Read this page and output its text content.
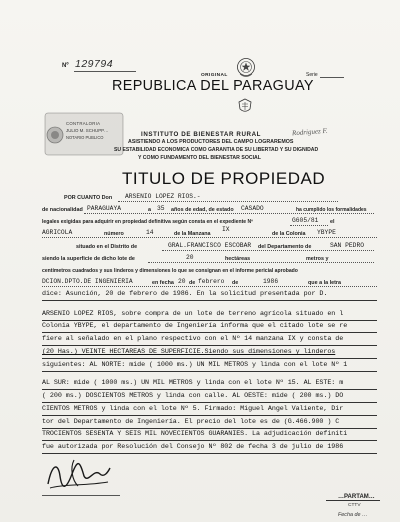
Nº 129794
ORIGINAL	Serie
REPUBLICA DEL PARAGUAY
CONTRALORIA
JULIO M. SCHUPP…
NOTARIO PUBLICO	INSTITUTO DE BIENESTAR RURAL
ASISTIENDO A LOS PRODUCTORES DEL CAMPO LOGRAREMOS
SU ESTABILIDAD ECONOMICA COMO GARANTIA DE SU LIBERTAD Y SU DIGNIDAD
Y COMO FUNDAMENTO DEL BIENESTAR SOCIAL
Rodriguez F.
TITULO DE PROPIEDAD
POR CUANTO Don ARSENIO LOPEZ RIOS.-
de nacionalidad PARAGUAYA	a 35 años de edad, de estado CASADO	ha cumplido los formalidades
legales exigidas para adquirir en propiedad definitiva según consta en el expediente Nº	G605/81 el
AGRICOLA	número	14	de la Manzana
IX
de la Colonia YBYPE
situado en el Distrito de	GRAL.FRANCISCO ESCOBAR del Departamento de	SAN PEDRO
siendo la superficie de dicho lote de	20	hectáreas	metros y
centímetros cuadrados y sus linderos y dimensiones lo que se consignan en el informe pericial aprobado
DCION.DPTO.DE INGENIERIA	en fecha 20 de febrero de	1986	que a la letra
dice: Asunción, 20 de febrero de 1986. En la solicitud presentada por D.
ARSENIO LOPEZ RIOS, sobre compra de un lote de terreno agrícola situado en l
Colonia YBYPE, el departamento de Ingeniería informa que el citado lote se re
fiere al señalado en el plano respectivo con el Nº 14 manzana IX y consta de
(20 Has.) VEINTE HECTAREAS DE SUPERFICIE.Siendo sus dimensiones y linderos
siguientes: AL NORTE: mide ( 1000 ms.) UN MIL METROS y linda con el lote Nº 1
AL SUR: mide ( 1000 ms.) UN MIL METROS y linda con el lote Nº 15. AL ESTE: m
( 200 ms.) DOSCIENTOS METROS y linda con calle. AL OESTE: mide ( 200 ms.) DO
CIENTOS METROS y linda con el lote Nº 5. Firmado: Miguel Angel Valiente, Dir
tor del Departamento de Ingeniería. El precio del lote es de (G.466.900 ) C
TROCIENTOS SESENTA Y SEIS MIL NOVECIENTOS GUARANIES. La adjudicación definiti
fue autorizada por Resolución del Consejo Nº 802 de fecha 3 de julio de 1986
…PARTAM…
CTTV
Fecha de …
